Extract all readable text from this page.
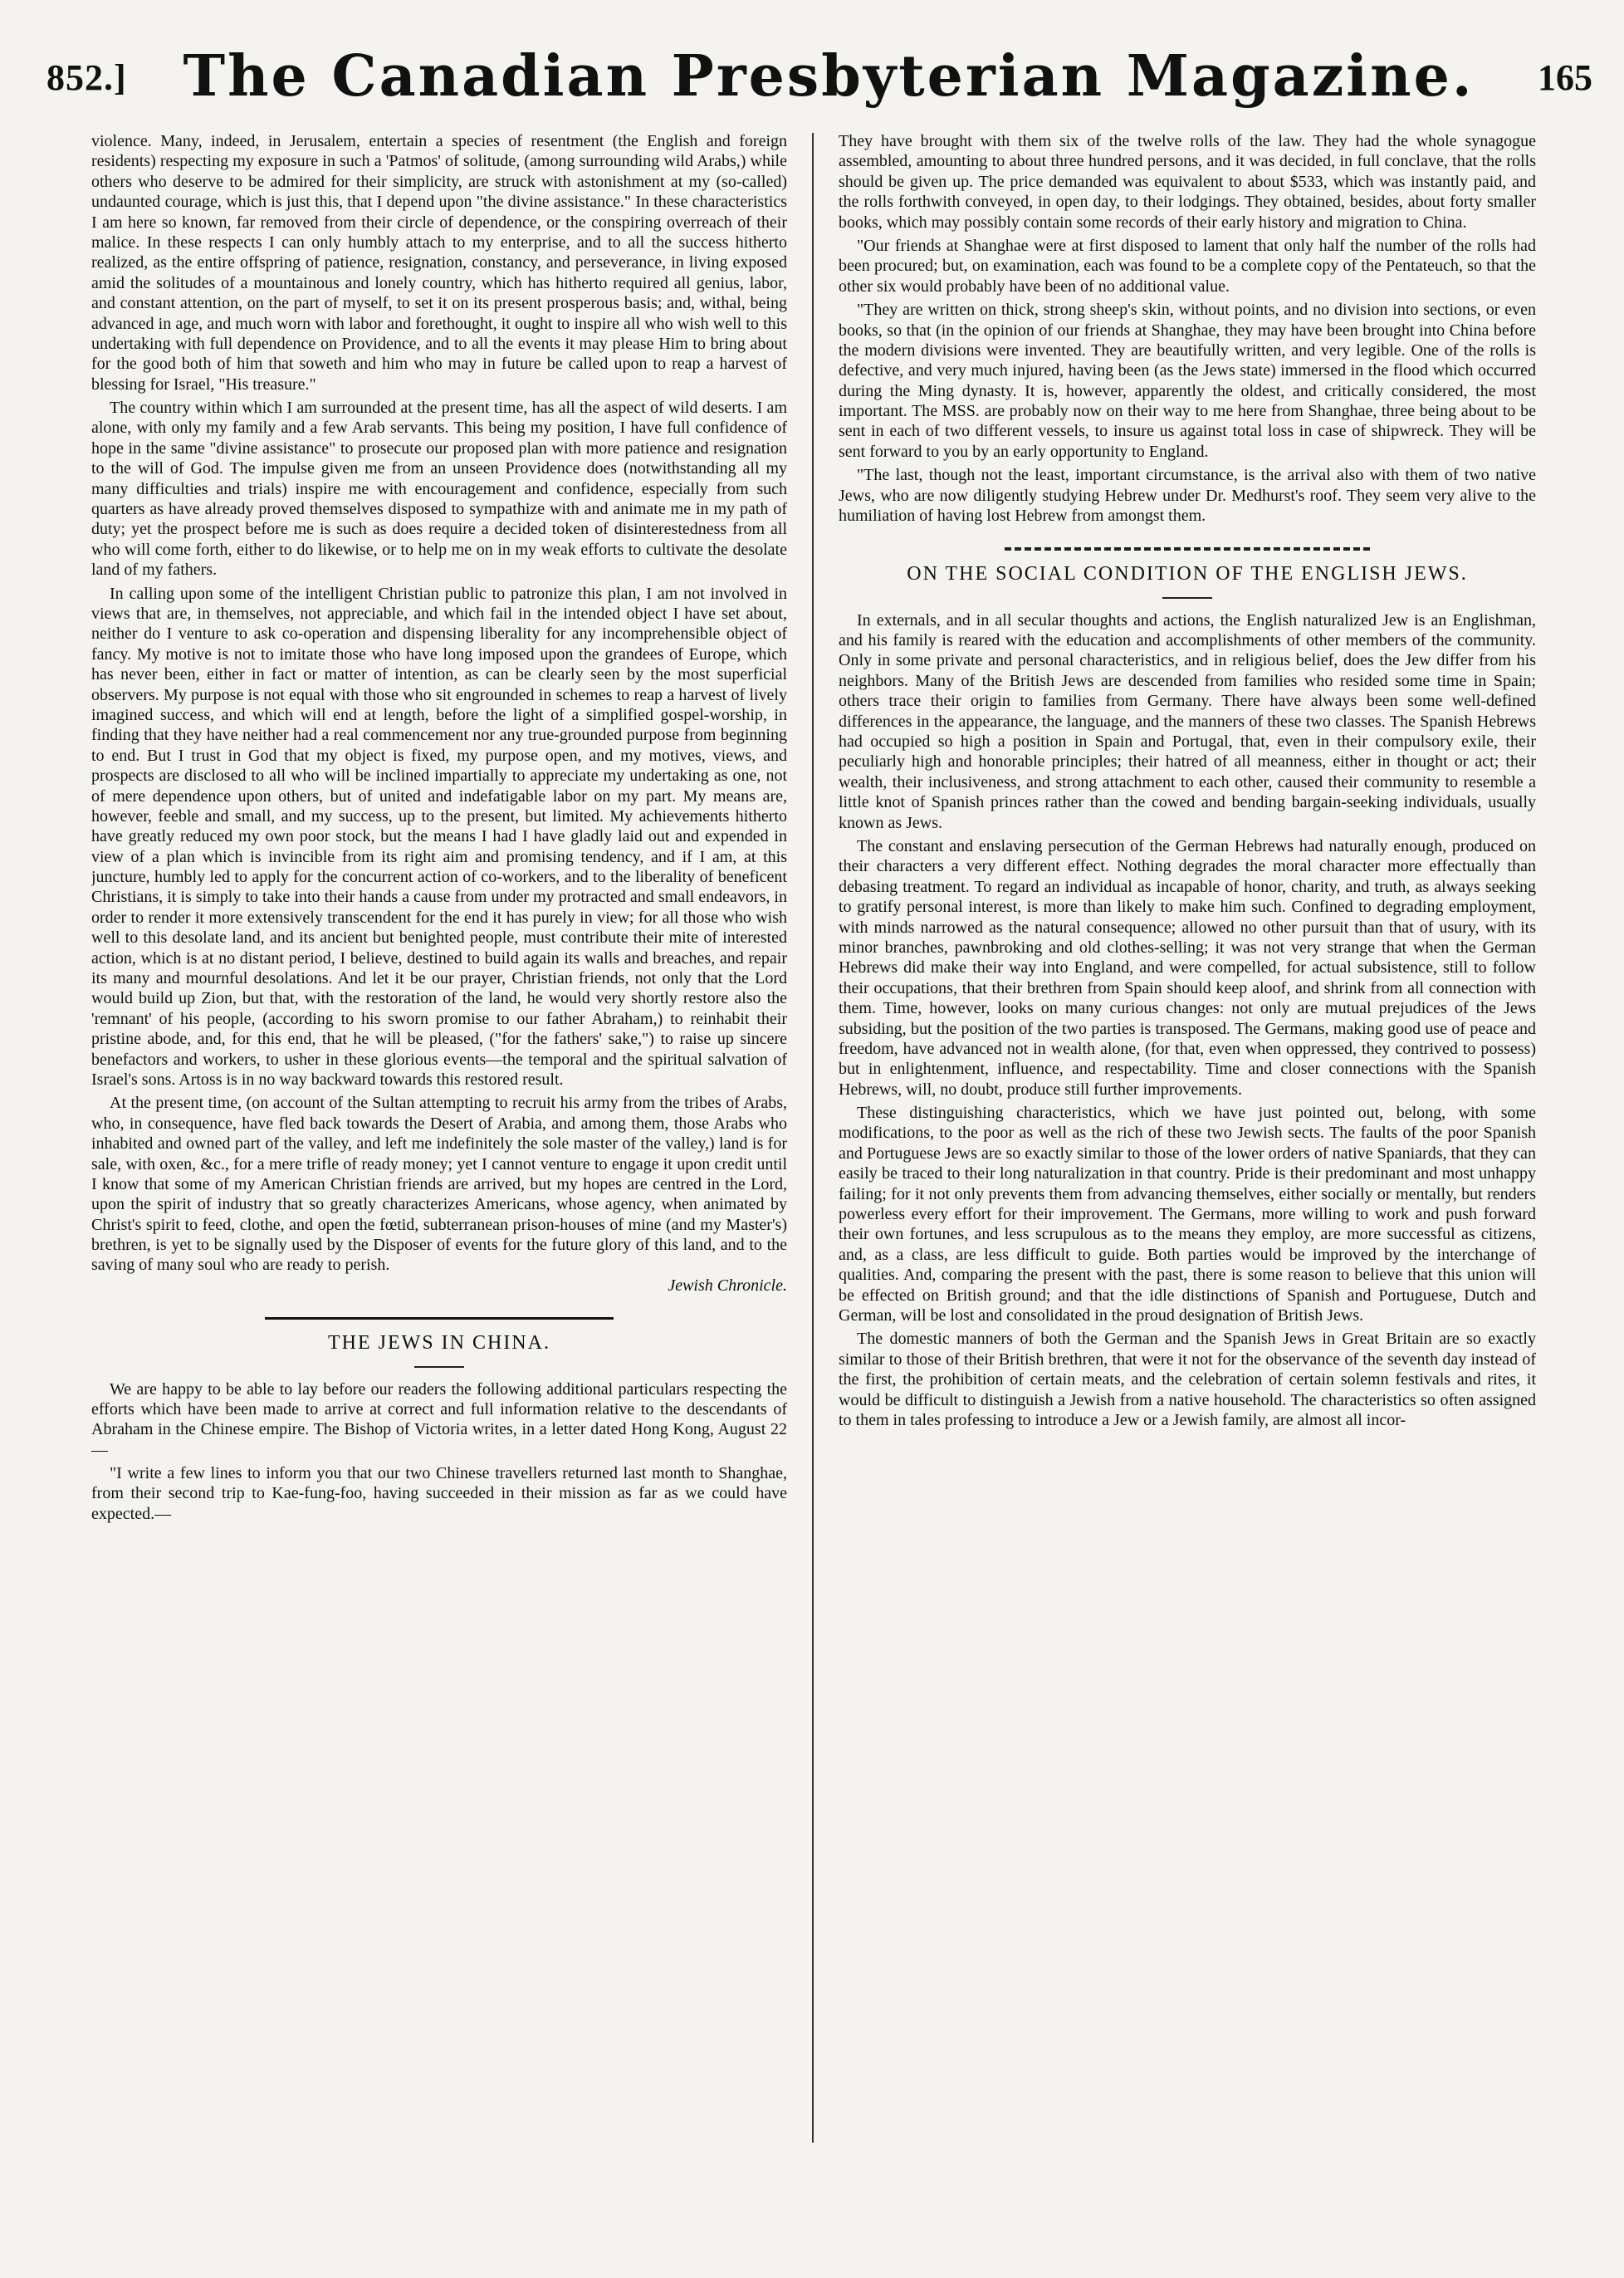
852.] The Canadian Presbyterian Magazine.	165

violence. Many, indeed, in Jerusalem, entertain a species of resentment (the English and foreign residents) respecting my exposure in such a 'Patmos' of solitude, (among surrounding wild Arabs,) while others who deserve to be admired for their simplicity, are struck with astonishment at my (so-called) undaunted courage, which is just this, that I depend upon "the divine assistance." In these characteristics I am here so known, far removed from their circle of dependence, or the conspiring overreach of their malice. In these respects I can only humbly attach to my enterprise, and to all the success hitherto realized, as the entire offspring of patience, resignation, constancy, and perseverance, in living exposed amid the solitudes of a mountainous and lonely country, which has hitherto required all genius, labor, and constant attention, on the part of myself, to set it on its present prosperous basis; and, withal, being advanced in age, and much worn with labor and forethought, it ought to inspire all who wish well to this undertaking with full dependence on Providence, and to all the events it may please Him to bring about for the good both of him that soweth and him who may in future be called upon to reap a harvest of blessing for Israel, "His treasure."

The country within which I am surrounded at the present time, has all the aspect of wild deserts. I am alone, with only my family and a few Arab servants. This being my position, I have full confidence of hope in the same "divine assistance" to prosecute our proposed plan with more patience and resignation to the will of God. The impulse given me from an unseen Providence does (notwithstanding all my many difficulties and trials) inspire me with encouragement and confidence, especially from such quarters as have already proved themselves disposed to sympathize with and animate me in my path of duty; yet the prospect before me is such as does require a decided token of disinterestedness from all who will come forth, either to do likewise, or to help me on in my weak efforts to cultivate the desolate land of my fathers.

In calling upon some of the intelligent Christian public to patronize this plan, I am not involved in views that are, in themselves, not appreciable, and which fail in the intended object I have set about, neither do I venture to ask co-operation and dispensing liberality for any incomprehensible object of fancy. My motive is not to imitate those who have long imposed upon the grandees of Europe, which has never been, either in fact or matter of intention, as can be clearly seen by the most superficial observers. My purpose is not equal with those who sit engrounded in schemes to reap a harvest of lively imagined success, and which will end at length, before the light of a simplified gospel-worship, in finding that they have neither had a real commencement nor any true-grounded purpose from beginning to end. But I trust in God that my object is fixed, my purpose open, and my motives, views, and prospects are disclosed to all who will be inclined impartially to appreciate my undertaking as one, not of mere dependence upon others, but of united and indefatigable labor on my part. My means are, however, feeble and small, and my success, up to the present, but limited. My achievements hitherto have greatly reduced my own poor stock, but the means I had I have gladly laid out and expended in view of a plan which is invincible from its right aim and promising tendency, and if I am, at this juncture, humbly led to apply for the concurrent action of co-workers, and to the liberality of beneficent Christians, it is simply to take into their hands a cause from under my protracted and small endeavors, in order to render it more extensively transcendent for the end it has purely in view; for all those who wish well to this desolate land, and its ancient but benighted people, must contribute their mite of interested action, which is at no distant period, I believe, destined to build again its walls and breaches, and repair its many and mournful desolations. And let it be our prayer, Christian friends, not only that the Lord would build up Zion, but that, with the restoration of the land, he would very shortly restore also the 'remnant' of his people, (according to his sworn promise to our father Abraham,) to reinhabit their pristine abode, and, for this end, that he will be pleased, ("for the fathers' sake,") to raise up sincere benefactors and workers, to usher in these glorious events—the temporal and the spiritual salvation of Israel's sons. Artoss is in no way backward towards this restored result.

At the present time, (on account of the Sultan attempting to recruit his army from the tribes of Arabs, who, in consequence, have fled back towards the Desert of Arabia, and among them, those Arabs who inhabited and owned part of the valley, and left me indefinitely the sole master of the valley,) land is for sale, with oxen, &c., for a mere trifle of ready money; yet I cannot venture to engage it upon credit until I know that some of my American Christian friends are arrived, but my hopes are centred in the Lord, upon the spirit of industry that so greatly characterizes Americans, whose agency, when animated by Christ's spirit to feed, clothe, and open the fœtid, subterranean prison-houses of mine (and my Master's) brethren, is yet to be signally used by the Disposer of events for the future glory of this land, and to the saving of many soul who are ready to perish.

Jewish Chronicle.

THE JEWS IN CHINA.

We are happy to be able to lay before our readers the following additional particulars respecting the efforts which have been made to arrive at correct and full information relative to the descendants of Abraham in the Chinese empire. The Bishop of Victoria writes, in a letter dated Hong Kong, August 22 —

"I write a few lines to inform you that our two Chinese travellers returned last month to Shanghae, from their second trip to Kae-fung-foo, having succeeded in their mission as far as we could have expected.—

They have brought with them six of the twelve rolls of the law. They had the whole synagogue assembled, amounting to about three hundred persons, and it was decided, in full conclave, that the rolls should be given up. The price demanded was equivalent to about $533, which was instantly paid, and the rolls forthwith conveyed, in open day, to their lodgings. They obtained, besides, about forty smaller books, which may possibly contain some records of their early history and migration to China.

"Our friends at Shanghae were at first disposed to lament that only half the number of the rolls had been procured; but, on examination, each was found to be a complete copy of the Pentateuch, so that the other six would probably have been of no additional value.

"They are written on thick, strong sheep's skin, without points, and no division into sections, or even books, so that (in the opinion of our friends at Shanghae, they may have been brought into China before the modern divisions were invented. They are beautifully written, and very legible. One of the rolls is defective, and very much injured, having been (as the Jews state) immersed in the flood which occurred during the Ming dynasty. It is, however, apparently the oldest, and critically considered, the most important. The MSS. are probably now on their way to me here from Shanghae, three being about to be sent in each of two different vessels, to insure us against total loss in case of shipwreck. They will be sent forward to you by an early opportunity to England.

"The last, though not the least, important circumstance, is the arrival also with them of two native Jews, who are now diligently studying Hebrew under Dr. Medhurst's roof. They seem very alive to the humiliation of having lost Hebrew from amongst them.

ON THE SOCIAL CONDITION OF THE ENGLISH JEWS.

In externals, and in all secular thoughts and actions, the English naturalized Jew is an Englishman, and his family is reared with the education and accomplishments of other members of the community. Only in some private and personal characteristics, and in religious belief, does the Jew differ from his neighbors. Many of the British Jews are descended from families who resided some time in Spain; others trace their origin to families from Germany. There have always been some well-defined differences in the appearance, the language, and the manners of these two classes. The Spanish Hebrews had occupied so high a position in Spain and Portugal, that, even in their compulsory exile, their peculiarly high and honorable principles; their hatred of all meanness, either in thought or act; their wealth, their inclusiveness, and strong attachment to each other, caused their community to resemble a little knot of Spanish princes rather than the cowed and bending bargain-seeking individuals, usually known as Jews.

The constant and enslaving persecution of the German Hebrews had naturally enough, produced on their characters a very different effect. Nothing degrades the moral character more effectually than debasing treatment. To regard an individual as incapable of honor, charity, and truth, as always seeking to gratify personal interest, is more than likely to make him such. Confined to degrading employment, with minds narrowed as the natural consequence; allowed no other pursuit than that of usury, with its minor branches, pawnbroking and old clothes-selling; it was not very strange that when the German Hebrews did make their way into England, and were compelled, for actual subsistence, still to follow their occupations, that their brethren from Spain should keep aloof, and shrink from all connection with them. Time, however, looks on many curious changes: not only are mutual prejudices of the Jews subsiding, but the position of the two parties is transposed. The Germans, making good use of peace and freedom, have advanced not in wealth alone, (for that, even when oppressed, they contrived to possess) but in enlightenment, influence, and respectability. Time and closer connections with the Spanish Hebrews, will, no doubt, produce still further improvements.

These distinguishing characteristics, which we have just pointed out, belong, with some modifications, to the poor as well as the rich of these two Jewish sects. The faults of the poor Spanish and Portuguese Jews are so exactly similar to those of the lower orders of native Spaniards, that they can easily be traced to their long naturalization in that country. Pride is their predominant and most unhappy failing; for it not only prevents them from advancing themselves, either socially or mentally, but renders powerless every effort for their improvement. The Germans, more willing to work and push forward their own fortunes, and less scrupulous as to the means they employ, are more successful as citizens, and, as a class, are less difficult to guide. Both parties would be improved by the interchange of qualities. And, comparing the present with the past, there is some reason to believe that this union will be effected on British ground; and that the idle distinctions of Spanish and Portuguese, Dutch and German, will be lost and consolidated in the proud designation of British Jews.

The domestic manners of both the German and the Spanish Jews in Great Britain are so exactly similar to those of their British brethren, that were it not for the observance of the seventh day instead of the first, the prohibition of certain meats, and the celebration of certain solemn festivals and rites, it would be difficult to distinguish a Jewish from a native household. The characteristics so often assigned to them in tales professing to introduce a Jew or a Jewish family, are almost all incor-
